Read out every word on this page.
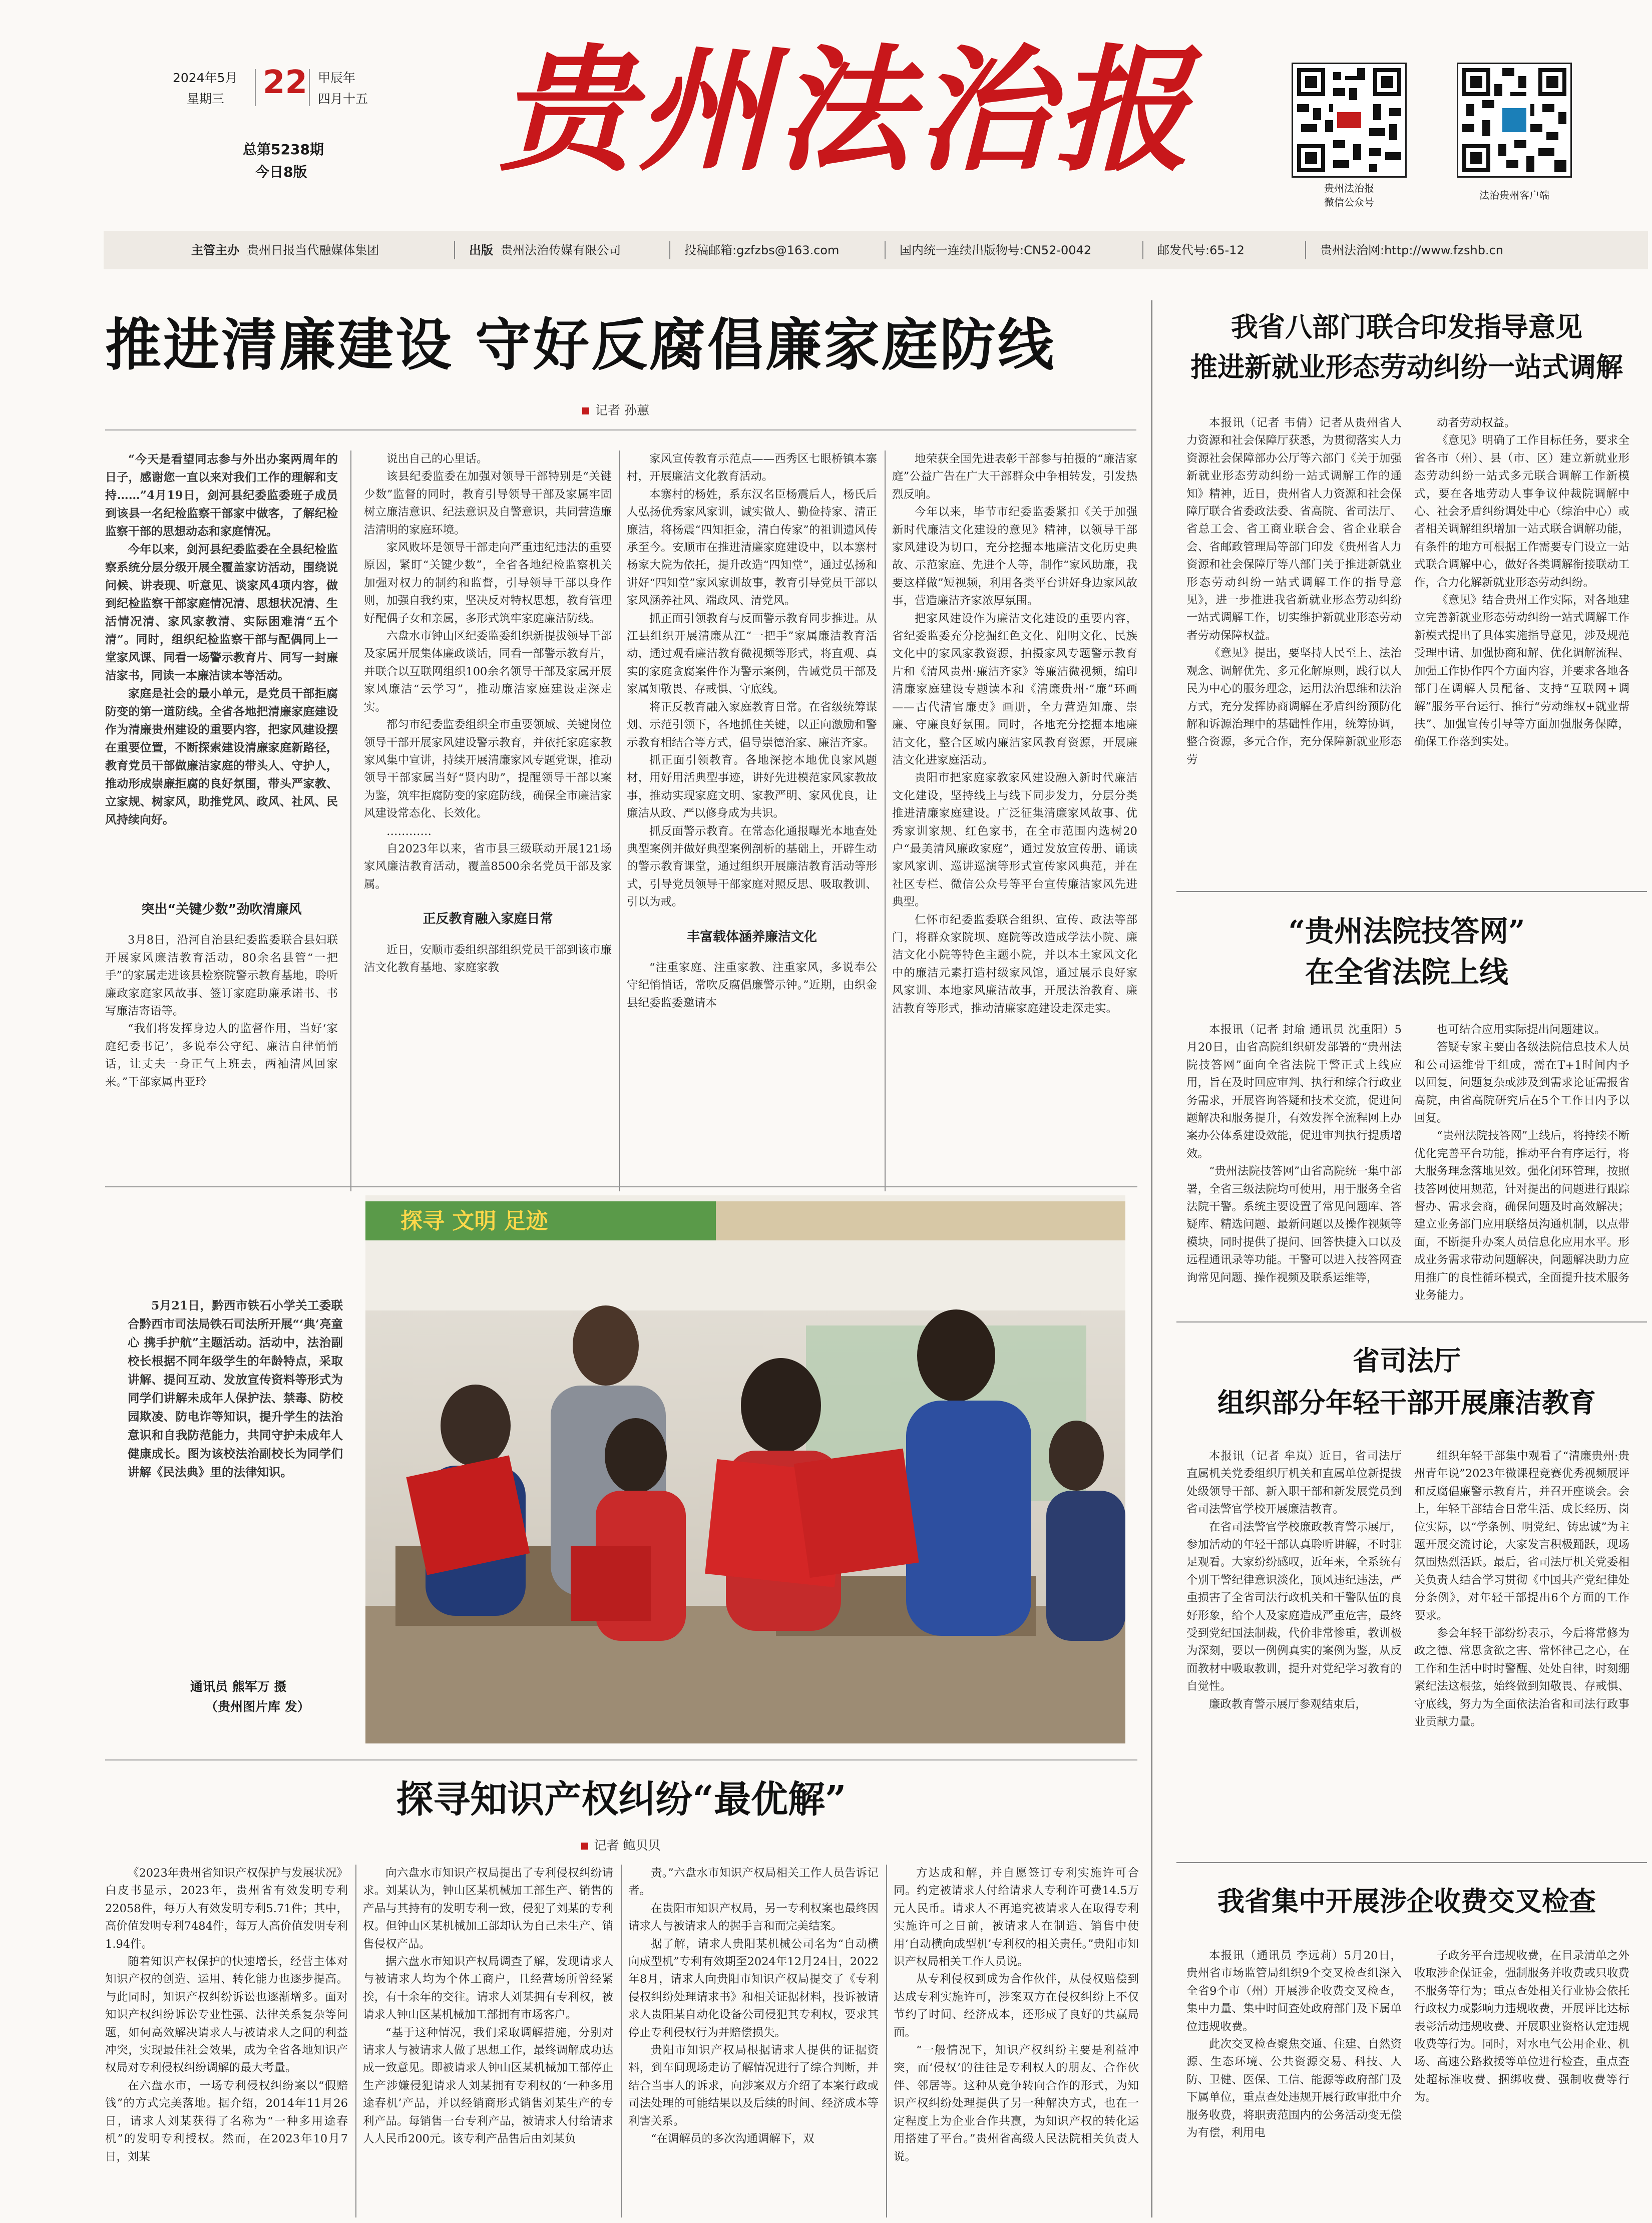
2024年5月
星期三 22 甲辰年
四月十五
总第5238期
今日8版 贵州法治报	贵州法治报
微信公众号
法治贵州客户端
主管主办 贵州日报当代融媒体集团	出版 贵州法治传媒有限公司	投稿邮箱:gzfzbs@163.com	国内统一连续出版物号:CN52-0042	邮发代号:65-12	贵州法治网:http://www.fzshb.cn
推进清廉建设 守好反腐倡廉家庭防线
记者 孙蕙

“今天是看望同志参与外出办案两周年的日子，感谢您一直以来对我们工作的理解和支持……”4月19日，剑河县纪委监委班子成员到该县一名纪检监察干部家中做客，了解纪检监察干部的思想动态和家庭情况。

今年以来，剑河县纪委监委在全县纪检监察系统分层分级开展全覆盖家访活动，围绕说问候、讲表现、听意见、谈家风4项内容，做到纪检监察干部家庭情况清、思想状况清、生活情况清、家风家教清、实际困难清“五个清”。同时，组织纪检监察干部与配偶同上一堂家风课、同看一场警示教育片、同写一封廉洁家书，同读一本廉洁读本等活动。

家庭是社会的最小单元，是党员干部拒腐防变的第一道防线。全省各地把清廉家庭建设作为清廉贵州建设的重要内容，把家风建设摆在重要位置，不断探索建设清廉家庭新路径，教育党员干部做廉洁家庭的带头人、守护人，推动形成崇廉拒腐的良好氛围，带头严家教、立家规、树家风，助推党风、政风、社风、民风持续向好。

突出“关键少数”劲吹清廉风

3月8日，沿河自治县纪委监委联合县妇联开展家风廉洁教育活动，80余名县管“一把手”的家属走进该县检察院警示教育基地，聆听廉政家庭家风故事、签订家庭助廉承诺书、书写廉洁寄语等。

“我们将发挥身边人的监督作用，当好‘家庭纪委书记’，多说奉公守纪、廉洁自律悄悄话，让丈夫一身正气上班去，两袖清风回家来。”干部家属冉亚玲

说出自己的心里话。

该县纪委监委在加强对领导干部特别是“关键少数”监督的同时，教育引导领导干部及家属牢固树立廉洁意识、纪法意识及自警意识，共同营造廉洁清明的家庭环境。

家风败坏是领导干部走向严重违纪违法的重要原因，紧盯“关键少数”，全省各地纪检监察机关加强对权力的制约和监督，引导领导干部以身作则，加强自我约束，坚决反对特权思想，教育管理好配偶子女和亲属，多形式筑牢家庭廉洁防线。

六盘水市钟山区纪委监委组织新提拔领导干部及家属开展集体廉政谈话，同看一部警示教育片，并联合以互联网组织100余名领导干部及家属开展家风廉洁“云学习”，推动廉洁家庭建设走深走实。

都匀市纪委监委组织全市重要领域、关键岗位领导干部开展家风建设警示教育，并依托家庭家教家风集中宣讲，持续开展清廉家风专题党课，推动领导干部家属当好“贤内助”，提醒领导干部以案为鉴，筑牢拒腐防变的家庭防线，确保全市廉洁家风建设常态化、长效化。

…………

自2023年以来，省市县三级联动开展121场家风廉洁教育活动，覆盖8500余名党员干部及家属。

正反教育融入家庭日常

近日，安顺市委组织部组织党员干部到该市廉洁文化教育基地、家庭家教

家风宣传教育示范点——西秀区七眼桥镇本寨村，开展廉洁文化教育活动。

本寨村的杨姓，系东汉名臣杨震后人，杨氏后人弘扬优秀家风家训，诚实做人、勤俭持家、清正廉洁，将杨震“四知拒金，清白传家”的祖训遗风传承至今。安顺市在推进清廉家庭建设中，以本寨村杨家大院为依托，提升改造“四知堂”，通过弘扬和讲好“四知堂”家风家训故事，教育引导党员干部以家风涵养社风、端政风、清党风。

抓正面引领教育与反面警示教育同步推进。从江县组织开展清廉从江“一把手”家属廉洁教育活动，通过观看廉洁教育微视频等形式，将直观、真实的家庭贪腐案件作为警示案例，告诫党员干部及家属知敬畏、存戒惧、守底线。

将正反教育融入家庭教育日常。在省级统筹谋划、示范引领下，各地抓住关键，以正向激励和警示教育相结合等方式，倡导崇德治家、廉洁齐家。

抓正面引领教育。各地深挖本地优良家风题材，用好用活典型事迹，讲好先进模范家风家教故事，推动实现家庭文明、家教严明、家风优良，让廉洁从政、严以修身成为共识。

抓反面警示教育。在常态化通报曝光本地查处典型案例并做好典型案例剖析的基础上，开辟生动的警示教育课堂，通过组织开展廉洁教育活动等形式，引导党员领导干部家庭对照反思、吸取教训、引以为戒。

丰富载体涵养廉洁文化

“注重家庭、注重家教、注重家风，多说奉公守纪悄悄话，常吹反腐倡廉警示钟。”近期，由织金县纪委监委邀请本

地荣获全国先进表彰干部参与拍摄的“廉洁家庭”公益广告在广大干部群众中争相转发，引发热烈反响。

今年以来，毕节市纪委监委紧扣《关于加强新时代廉洁文化建设的意见》精神，以领导干部家风建设为切口，充分挖掘本地廉洁文化历史典故、示范家庭、先进个人等，制作“家风助廉，我要这样做”短视频，利用各类平台讲好身边家风故事，营造廉洁齐家浓厚氛围。

把家风建设作为廉洁文化建设的重要内容，省纪委监委充分挖掘红色文化、阳明文化、民族文化中的家风家教资源，拍摄家风专题警示教育片和《清风贵州·廉洁齐家》等廉洁微视频，编印清廉家庭建设专题读本和《清廉贵州·“廉”环画——古代清官廉吏》画册，全力营造知廉、崇廉、守廉良好氛围。同时，各地充分挖掘本地廉洁文化，整合区域内廉洁家风教育资源，开展廉洁文化进家庭活动。

贵阳市把家庭家教家风建设融入新时代廉洁文化建设，坚持线上与线下同步发力，分层分类推进清廉家庭建设。广泛征集清廉家风故事、优秀家训家规、红色家书，在全市范围内选树20户“最美清风廉政家庭”，通过发放宣传册、诵读家风家训、巡讲巡演等形式宣传家风典范，并在社区专栏、微信公众号等平台宣传廉洁家风先进典型。

仁怀市纪委监委联合组织、宣传、政法等部门，将群众家院坝、庭院等改造成学法小院、廉洁文化小院等特色主题小院，并以本土家风文化中的廉洁元素打造村级家风馆，通过展示良好家风家训、本地家风廉洁故事，开展法治教育、廉洁教育等形式，推动清廉家庭建设走深走实。

5月21日，黔西市铁石小学关工委联合黔西市司法局铁石司法所开展“‘典’亮童心 携手护航”主题活动。活动中，法治副校长根据不同年级学生的年龄特点，采取讲解、提问互动、发放宣传资料等形式为同学们讲解未成年人保护法、禁毒、防校园欺凌、防电诈等知识，提升学生的法治意识和自我防范能力，共同守护未成年人健康成长。图为该校法治副校长为同学们讲解《民法典》里的法律知识。

通讯员 熊军万 摄
（贵州图片库 发）
探寻 文明 足迹
探寻知识产权纠纷“最优解”
记者 鲍贝贝

《2023年贵州省知识产权保护与发展状况》白皮书显示，2023年，贵州省有效发明专利22058件，每万人有效发明专利5.71件；其中，高价值发明专利7484件，每万人高价值发明专利1.94件。

随着知识产权保护的快速增长，经营主体对知识产权的创造、运用、转化能力也逐步提高。与此同时，知识产权纠纷诉讼也逐渐增多。面对知识产权纠纷诉讼专业性强、法律关系复杂等问题，如何高效解决请求人与被请求人之间的利益冲突，实现最佳社会效果，成为全省各地知识产权局对专利侵权纠纷调解的最大考量。

在六盘水市，一场专利侵权纠纷案以“假赔钱”的方式完美落地。据介绍，2014年11月26日，请求人刘某获得了名称为“一种多用途春机”的发明专利授权。然而，在2023年10月7日，刘某

向六盘水市知识产权局提出了专利侵权纠纷请求。刘某认为，钟山区某机械加工部生产、销售的产品与其持有的发明专利一致，侵犯了刘某的专利权。但钟山区某机械加工部却认为自己未生产、销售侵权产品。

据六盘水市知识产权局调查了解，发现请求人与被请求人均为个体工商户，且经营场所曾经紧挨，有十余年的交往。请求人刘某拥有专利权，被请求人钟山区某机械加工部拥有市场客户。

“基于这种情况，我们采取调解措施，分别对请求人与被请求人做了思想工作，最终调解成功达成一致意见。即被请求人钟山区某机械加工部停止生产涉嫌侵犯请求人刘某拥有专利权的‘一种多用途春机’产品，并以经销商形式销售刘某生产的专利产品。每销售一台专利产品，被请求人付给请求人人民币200元。该专利产品售后由刘某负

责。”六盘水市知识产权局相关工作人员告诉记者。

在贵阳市知识产权局，另一专利权案也最终因请求人与被请求人的握手言和而完美结案。

据了解，请求人贵阳某机械公司名为“自动横向成型机”专利有效期至2024年12月24日，2022年8月，请求人向贵阳市知识产权局提交了《专利侵权纠纷处理请求书》和相关证据材料，投诉被请求人贵阳某自动化设备公司侵犯其专利权，要求其停止专利侵权行为并赔偿损失。

贵阳市知识产权局根据请求人提供的证据资料，到车间现场走访了解情况进行了综合判断，并结合当事人的诉求，向涉案双方介绍了本案行政或司法处理的可能结果以及后续的时间、经济成本等利害关系。

“在调解员的多次沟通调解下，双

方达成和解，并自愿签订专利实施许可合同。约定被请求人付给请求人专利许可费14.5万元人民币。请求人不再追究被请求人在取得专利实施许可之日前，被请求人在制造、销售中使用‘自动横向成型机’专利权的相关责任。”贵阳市知识产权局相关工作人员说。

从专利侵权到成为合作伙伴，从侵权赔偿到达成专利实施许可，涉案双方在侵权纠纷上不仅节约了时间、经济成本，还形成了良好的共赢局面。

“一般情况下，知识产权纠纷主要是利益冲突，而‘侵权’的往往是专利权人的朋友、合作伙伴、邻居等。这种从竞争转向合作的形式，为知识产权纠纷处理提供了另一种解决方式，也在一定程度上为企业合作共赢，为知识产权的转化运用搭建了平台。”贵州省高级人民法院相关负责人说。

我省八部门联合印发指导意见
推进新就业形态劳动纠纷一站式调解

本报讯（记者 韦倩）记者从贵州省人力资源和社会保障厅获悉，为贯彻落实人力资源社会保障部办公厅等六部门《关于加强新就业形态劳动纠纷一站式调解工作的通知》精神，近日，贵州省人力资源和社会保障厅联合省委政法委、省高院、省司法厅、省总工会、省工商业联合会、省企业联合会、省邮政管理局等部门印发《贵州省人力资源和社会保障厅等八部门关于推进新就业形态劳动纠纷一站式调解工作的指导意见》，进一步推进我省新就业形态劳动纠纷一站式调解工作，切实维护新就业形态劳动者劳动保障权益。

《意见》提出，要坚持人民至上、法治观念、调解优先、多元化解原则，践行以人民为中心的服务理念，运用法治思维和法治方式，充分发挥协商调解在矛盾纠纷预防化解和诉源治理中的基础性作用，统筹协调，整合资源，多元合作，充分保障新就业形态劳

动者劳动权益。

《意见》明确了工作目标任务，要求全省各市（州）、县（市、区）建立新就业形态劳动纠纷一站式多元联合调解工作新模式，要在各地劳动人事争议仲裁院调解中心、社会矛盾纠纷调处中心（综治中心）或者相关调解组织增加一站式联合调解功能，有条件的地方可根据工作需要专门设立一站式联合调解中心，做好各类调解衔接联动工作，合力化解新就业形态劳动纠纷。

《意见》结合贵州工作实际，对各地建立完善新就业形态劳动纠纷一站式调解工作新模式提出了具体实施指导意见，涉及规范受理申请、加强协商和解、优化调解流程、加强工作协作四个方面内容，并要求各地各部门在调解人员配备、支持“互联网+调解”服务平台运行、推行“劳动维权+就业帮扶”、加强宣传引导等方面加强服务保障，确保工作落到实处。

“贵州法院技答网”
在全省法院上线

本报讯（记者 封瑜 通讯员 沈重阳）5月20日，由省高院组织研发部署的“贵州法院技答网”面向全省法院干警正式上线应用，旨在及时回应审判、执行和综合行政业务需求，开展咨询答疑和技术交流，促进问题解决和服务提升，有效发挥全流程网上办案办公体系建设效能，促进审判执行提质增效。

“贵州法院技答网”由省高院统一集中部署，全省三级法院均可使用，用于服务全省法院干警。系统主要设置了常见问题库、答疑库、精选问题、最新问题以及操作视频等模块，同时提供了提问、回答快捷入口以及远程通讯录等功能。干警可以进入技答网查询常见问题、操作视频及联系运维等，

也可结合应用实际提出问题建议。

答疑专家主要由各级法院信息技术人员和公司运维骨干组成，需在T+1时间内予以回复，问题复杂或涉及到需求论证需报省高院，由省高院研究后在5个工作日内予以回复。

“贵州法院技答网”上线后，将持续不断优化完善平台功能，推动平台有序运行，将大服务理念落地见效。强化闭环管理，按照技答网使用规范，针对提出的问题进行跟踪督办、需求会商，确保问题及时高效解决；建立业务部门应用联络员沟通机制，以点带面，不断提升办案人员信息化应用水平。形成业务需求带动问题解决，问题解决助力应用推广的良性循环模式，全面提升技术服务业务能力。

省司法厅
组织部分年轻干部开展廉洁教育

本报讯（记者 牟岚）近日，省司法厅直属机关党委组织厅机关和直属单位新提拔处级领导干部、新入职干部和新发展党员到省司法警官学校开展廉洁教育。

在省司法警官学校廉政教育警示展厅，参加活动的年轻干部认真聆听讲解，不时驻足观看。大家纷纷感叹，近年来，全系统有个别干警纪律意识淡化，顶风违纪违法，严重损害了全省司法行政机关和干警队伍的良好形象，给个人及家庭造成严重危害，最终受到党纪国法制裁，代价非常惨重，教训极为深刻，要以一例例真实的案例为鉴，从反面教材中吸取教训，提升对党纪学习教育的自觉性。

廉政教育警示展厅参观结束后，

组织年轻干部集中观看了“清廉贵州·贵州青年说”2023年微课程竞赛优秀视频展评和反腐倡廉警示教育片，并召开座谈会。会上，年轻干部结合日常生活、成长经历、岗位实际，以“学条例、明党纪、铸忠诚”为主题开展交流讨论，大家发言积极踊跃，现场氛围热烈活跃。最后，省司法厅机关党委相关负责人结合学习贯彻《中国共产党纪律处分条例》，对年轻干部提出6个方面的工作要求。

参会年轻干部纷纷表示，今后将常修为政之德、常思贪欲之害、常怀律己之心，在工作和生活中时时警醒、处处自律，时刻绷紧纪法这根弦，始终做到知敬畏、存戒惧、守底线，努力为全面依法治省和司法行政事业贡献力量。

我省集中开展涉企收费交叉检查

本报讯（通讯员 李远莉）5月20日，贵州省市场监管局组织9个交叉检查组深入全省9个市（州）开展涉企收费交叉检查，集中力量、集中时间查处政府部门及下属单位违规收费。

此次交叉检查聚焦交通、住建、自然资源、生态环境、公共资源交易、科技、人防、卫健、医保、工信、能源等政府部门及下属单位，重点查处违规开展行政审批中介服务收费，将职责范围内的公务活动变无偿为有偿，利用电

子政务平台违规收费，在目录清单之外收取涉企保证金，强制服务并收费或只收费不服务等行为；重点查处相关行业协会依托行政权力或影响力违规收费，开展评比达标表彰活动违规收费、开展职业资格认定违规收费等行为。同时，对水电气公用企业、机场、高速公路救援等单位进行检查，重点查处超标准收费、捆绑收费、强制收费等行为。
